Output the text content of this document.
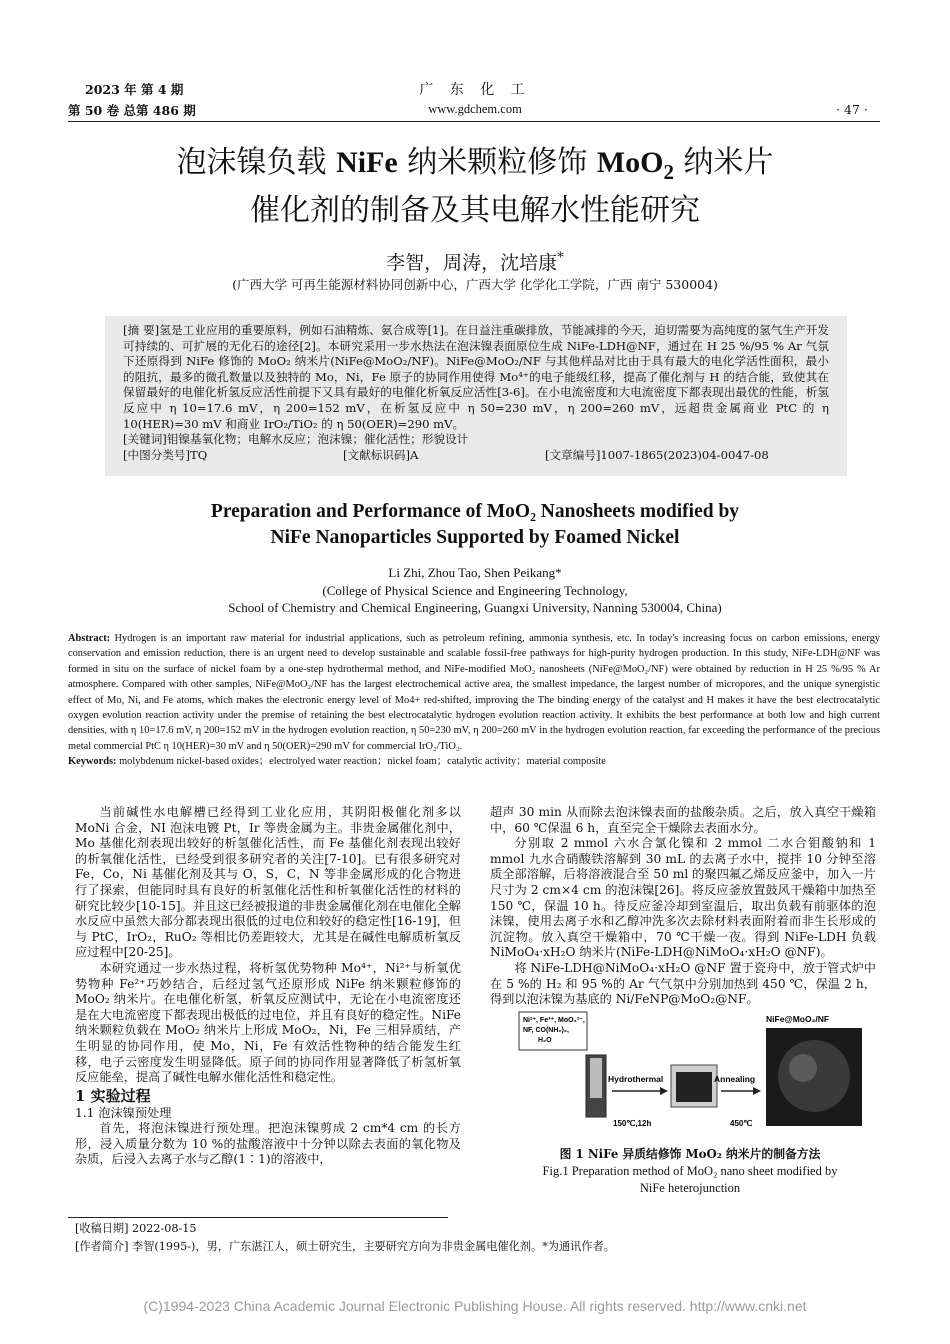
2023 年 第 4 期
第 50 卷 总第 486 期
广 东 化 工
www.gdchem.com	· 47 ·
泡沫镍负载 NiFe 纳米颗粒修饰 MoO$_2$ 纳米片
催化剂的制备及其电解水性能研究
李智，周涛，沈培康*
(广西大学 可再生能源材料协同创新中心，广西大学 化学化工学院，广西 南宁 530004)

[摘 要]氢是工业应用的重要原料，例如石油精炼、氨合成等[1]。在日益注重碳排放，节能减排的今天，迫切需要为高纯度的氢气生产开发可持续的、可扩展的无化石的途径[2]。本研究采用一步水热法在泡沫镍表面原位生成 NiFe-LDH@NF，通过在 H 25 %/95 % Ar 气氛下还原得到 NiFe 修饰的 MoO₂ 纳米片(NiFe@MoO₂/NF)。NiFe@MoO₂/NF 与其他样品对比由于具有最大的电化学活性面积，最小的阻抗，最多的微孔数量以及独特的 Mo，Ni，Fe 原子的协同作用使得 Mo⁴⁺的电子能级红移，提高了催化剂与 H 的结合能，致使其在保留最好的电催化析氢反应活性前提下又具有最好的电催化析氧反应活性[3-6]。在小电流密度和大电流密度下都表现出最优的性能，析氢反应中 η 10=17.6 mV，η 200=152 mV，在析氢反应中 η 50=230 mV，η 200=260 mV，远超贵金属商业 PtC 的 η 10(HER)=30 mV 和商业 IrO₂/TiO₂ 的 η 50(OER)=290 mV。

[关键词]钼镍基氧化物；电解水反应；泡沫镍；催化活性；形貌设计
[中图分类号]TQ	[文献标识码]A	[文章编号]1007-1865(2023)04-0047-08
Preparation and Performance of MoO₂ Nanosheets modified by
NiFe Nanoparticles Supported by Foamed Nickel
Li Zhi, Zhou Tao, Shen Peikang*
(College of Physical Science and Engineering Technology,
School of Chemistry and Chemical Engineering, Guangxi University, Nanning 530004, China)

Abstract: Hydrogen is an important raw material for industrial applications, such as petroleum refining, ammonia synthesis, etc. In today's increasing focus on carbon emissions, energy conservation and emission reduction, there is an urgent need to develop sustainable and scalable fossil-free pathways for high-purity hydrogen production. In this study, NiFe-LDH@NF was formed in situ on the surface of nickel foam by a one-step hydrothermal method, and NiFe-modified MoO₂ nanosheets (NiFe@MoO₂/NF) were obtained by reduction in H 25 %/95 % Ar atmosphere. Compared with other samples, NiFe@MoO₂/NF has the largest electrochemical active area, the smallest impedance, the largest number of micropores, and the unique synergistic effect of Mo, Ni, and Fe atoms, which makes the electronic energy level of Mo4+ red-shifted, improving the The binding energy of the catalyst and H makes it have the best electrocatalytic oxygen evolution reaction activity under the premise of retaining the best electrocatalytic hydrogen evolution reaction activity. It exhibits the best performance at both low and high current densities, with η 10=17.6 mV, η 200=152 mV in the hydrogen evolution reaction, η 50=230 mV, η 200=260 mV in the hydrogen evolution reaction, far exceeding the performance of the precious metal commercial PtC η 10(HER)=30 mV and η 50(OER)=290 mV for commercial IrO₂/TiO₂.
Keywords: molybdenum nickel-based oxides；electrolyed water reaction；nickel foam；catalytic activity；material composite

当前碱性水电解槽已经得到工业化应用，其阴阳极催化剂多以 MoNi 合金，NI 泡沫电镀 Pt，Ir 等贵金属为主。非贵金属催化剂中，Mo 基催化剂表现出较好的析氢催化活性，而 Fe 基催化剂表现出较好的析氧催化活性，已经受到很多研究者的关注[7-10]。已有很多研究对 Fe，Co，Ni 基催化剂及其与 O，S，C，N 等非金属形成的化合物进行了探索，但能同时具有良好的析氢催化活性和析氧催化活性的材料的研究比较少[10-15]。并且这已经被报道的非贵金属催化剂在电催化全解水反应中虽然大部分都表现出很低的过电位和较好的稳定性[16-19]，但与 PtC，IrO₂，RuO₂ 等相比仍差距较大，尤其是在碱性电解质析氧反应过程中[20-25]。

本研究通过一步水热过程，将析氢优势物种 Mo⁴⁺，Ni²⁺与析氧优势物种 Fe²⁺巧妙结合，后经过氢气还原形成 NiFe 纳米颗粒修饰的 MoO₂ 纳米片。在电催化析氢，析氧反应测试中，无论在小电流密度还是在大电流密度下都表现出极低的过电位，并且有良好的稳定性。NiFe 纳米颗粒负载在 MoO₂ 纳米片上形成 MoO₂，Ni，Fe 三相异质结，产生明显的协同作用，使 Mo，Ni，Fe 有效活性物种的结合能发生红移，电子云密度发生明显降低。原子间的协同作用显著降低了析氢析氧反应能垒，提高了碱性电解水催化活性和稳定性。

1 实验过程
1.1 泡沫镍预处理

首先，将泡沫镍进行预处理。把泡沫镍剪成 2 cm*4 cm 的长方形，浸入质量分数为 10 %的盐酸溶液中十分钟以除去表面的氧化物及杂质，后浸入去离子水与乙醇(1∶1)的溶液中，

超声 30 min 从而除去泡沫镍表面的盐酸杂质。之后，放入真空干燥箱中，60 ℃保温 6 h，直至完全干燥除去表面水分。

分别取 2 mmol 六水合氯化镍和 2 mmol 二水合钼酸钠和 1 mmol 九水合硝酸铁溶解到 30 mL 的去离子水中，搅拌 10 分钟至溶质全部溶解，后将溶液混合至 50 ml 的聚四氟乙烯反应釜中，加入一片尺寸为 2 cm×4 cm 的泡沫镍[26]。将反应釜放置鼓风干燥箱中加热至 150 ℃，保温 10 h。待反应釜冷却到室温后，取出负载有前驱体的泡沫镍，使用去离子水和乙醇冲洗多次去除材料表面附着而非生长形成的沉淀物。放入真空干燥箱中，70 ℃干燥一夜。得到 NiFe-LDH 负载 NiMoO₄·xH₂O 纳米片(NiFe-LDH@NiMoO₄·xH₂O @NF)。

将 NiFe-LDH@NiMoO₄·xH₂O @NF 置于瓷舟中，放于管式炉中在 5 %的 H₂ 和 95 %的 Ar 气气氛中分别加热到 450 ℃，保温 2 h，得到以泡沫镍为基底的 Ni/FeNP@MoO₂@NF。

Ni²⁺, Fe³⁺, MoO₄²⁻,
NF, CO(NH₂)₂,
H₂O
Hydrothermal
150℃,12h
Annealing
450℃
NiFe@MoO₂/NF
图 1 NiFe 异质结修饰 MoO₂ 纳米片的制备方法
Fig.1 Preparation method of MoO₂ nano sheet modified by
NiFe heterojunction
[收稿日期] 2022-08-15
[作者简介] 李智(1995-)，男，广东湛江人，硕士研究生，主要研究方向为非贵金属电催化剂。*为通讯作者。
(C)1994-2023 China Academic Journal Electronic Publishing House. All rights reserved. http://www.cnki.net
